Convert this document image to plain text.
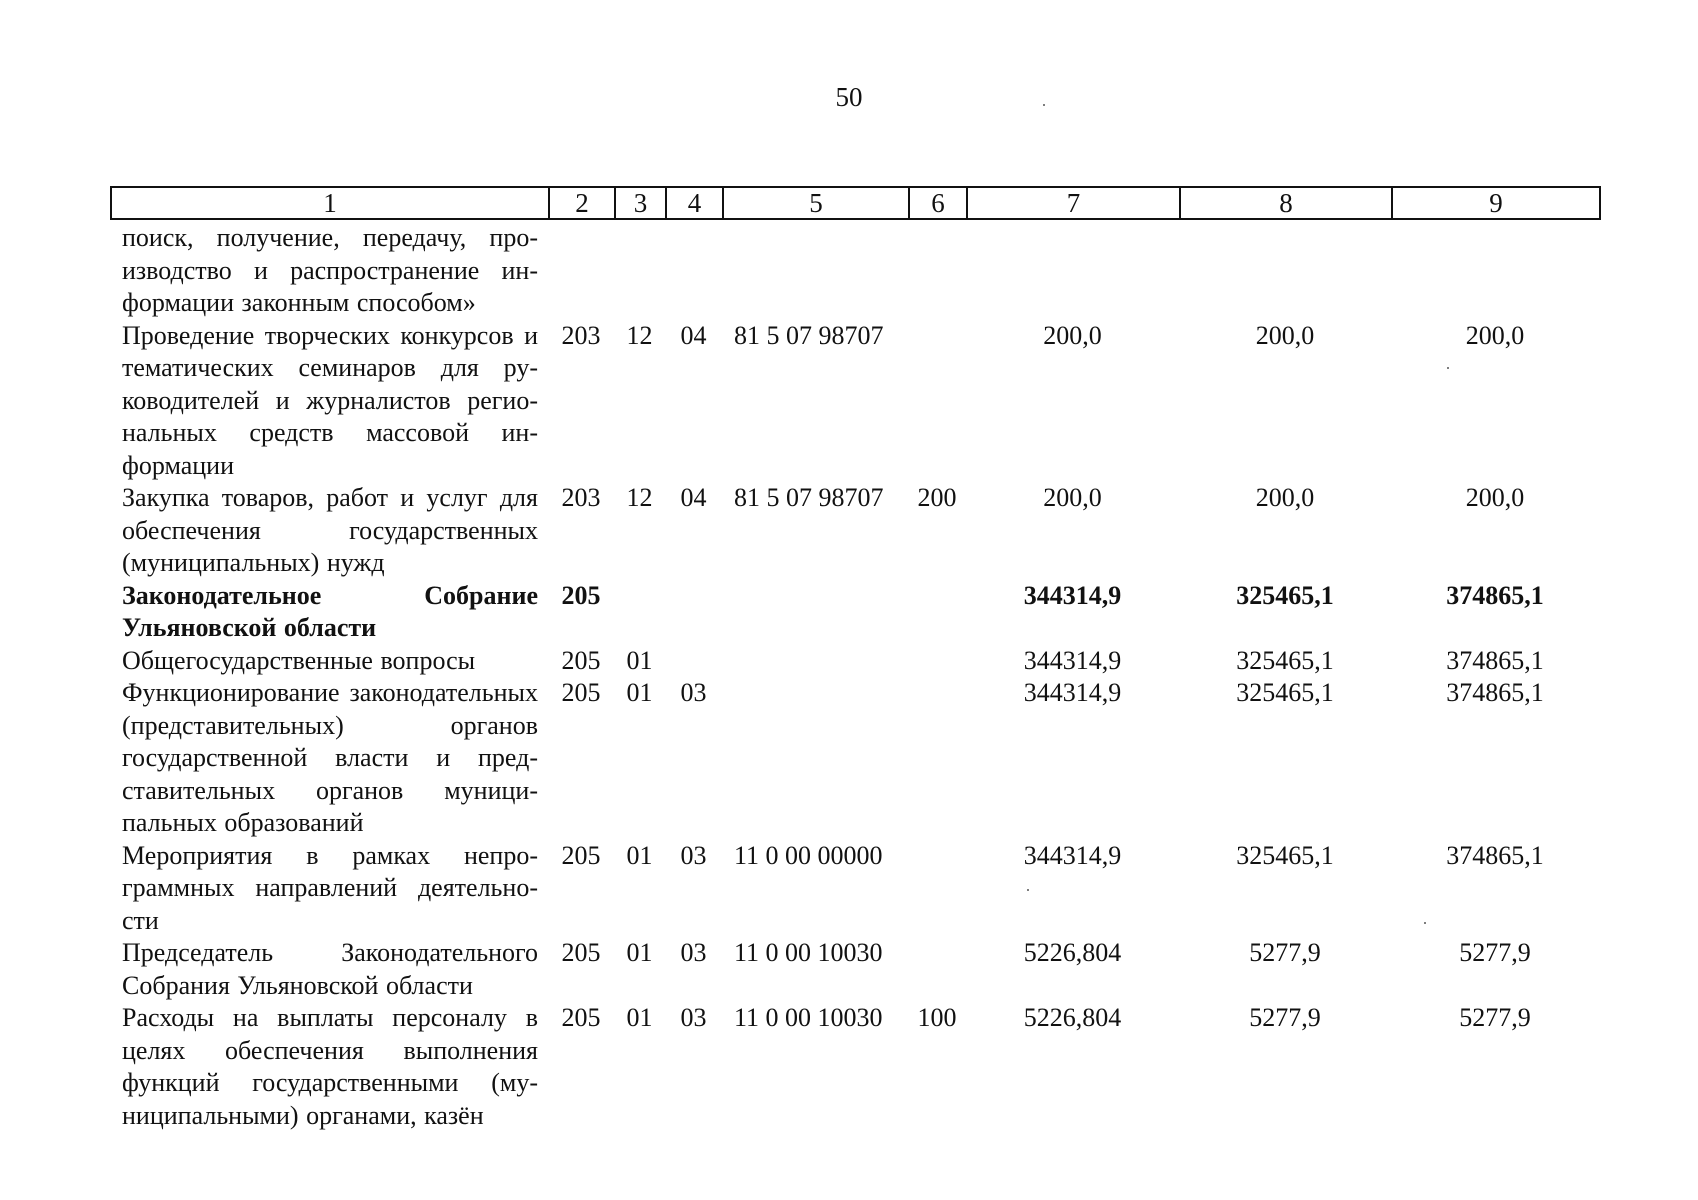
50
1	2	3	4	5	6	7	8	9
поиск, получение, передачу, производство и распространение информации законным способом»								
Проведение творческих конкурсов и тематических семинаров для руководителей и журналистов региональных средств массовой информации	203	12	04	81 5 07 98707		200,0	200,0	200,0
Закупка товаров, работ и услуг для обеспечения государственных (муниципальных) нужд	203	12	04	81 5 07 98707	200	200,0	200,0	200,0
Законодательное Собрание Ульяновской области	205					344314,9	325465,1	374865,1
Общегосударственные вопросы	205	01				344314,9	325465,1	374865,1
Функционирование законодательных (представительных) органов государственной власти и представительных органов муниципальных образований	205	01	03			344314,9	325465,1	374865,1
Мероприятия в рамках непрограммных направлений деятельности	205	01	03	11 0 00 00000		344314,9	325465,1	374865,1
Председатель Законодательного Собрания Ульяновской области	205	01	03	11 0 00 10030		5226,804	5277,9	5277,9
Расходы на выплаты персоналу в целях обеспечения выполнения функций государственными (муниципальными) органами, казён	205	01	03	11 0 00 10030	100	5226,804	5277,9	5277,9
